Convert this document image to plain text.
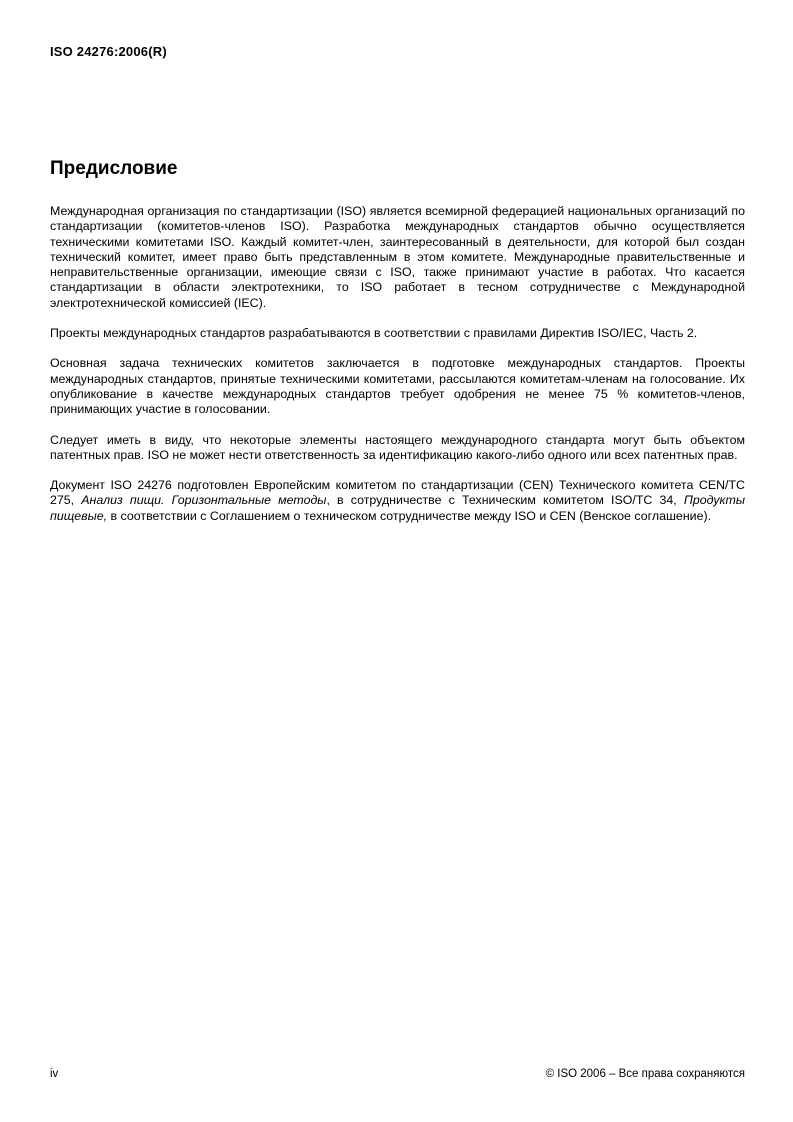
ISO 24276:2006(R)
Предисловие

Международная организация по стандартизации (ISO) является всемирной федерацией национальных организаций по стандартизации (комитетов-членов ISO). Разработка международных стандартов обычно осуществляется техническими комитетами ISO. Каждый комитет-член, заинтересованный в деятельности, для которой был создан технический комитет, имеет право быть представленным в этом комитете. Международные правительственные и неправительственные организации, имеющие связи с ISO, также принимают участие в работах. Что касается стандартизации в области электротехники, то ISO работает в тесном сотрудничестве с Международной электротехнической комиссией (IEC).

Проекты международных стандартов разрабатываются в соответствии с правилами Директив ISO/IEC, Часть 2.

Основная задача технических комитетов заключается в подготовке международных стандартов. Проекты международных стандартов, принятые техническими комитетами, рассылаются комитетам-членам на голосование. Их опубликование в качестве международных стандартов требует одобрения не менее 75 % комитетов-членов, принимающих участие в голосовании.

Следует иметь в виду, что некоторые элементы настоящего международного стандарта могут быть объектом патентных прав. ISO не может нести ответственность за идентификацию какого-либо одного или всех патентных прав.

Документ ISO 24276 подготовлен Европейским комитетом по стандартизации (CEN) Технического комитета CEN/TC 275, Анализ пищи. Горизонтальные методы, в сотрудничестве с Техническим комитетом ISO/TC 34, Продукты пищевые, в соответствии с Соглашением о техническом сотрудничестве между ISO и CEN (Венское соглашение).

iv	© ISO 2006 – Все права сохраняются
